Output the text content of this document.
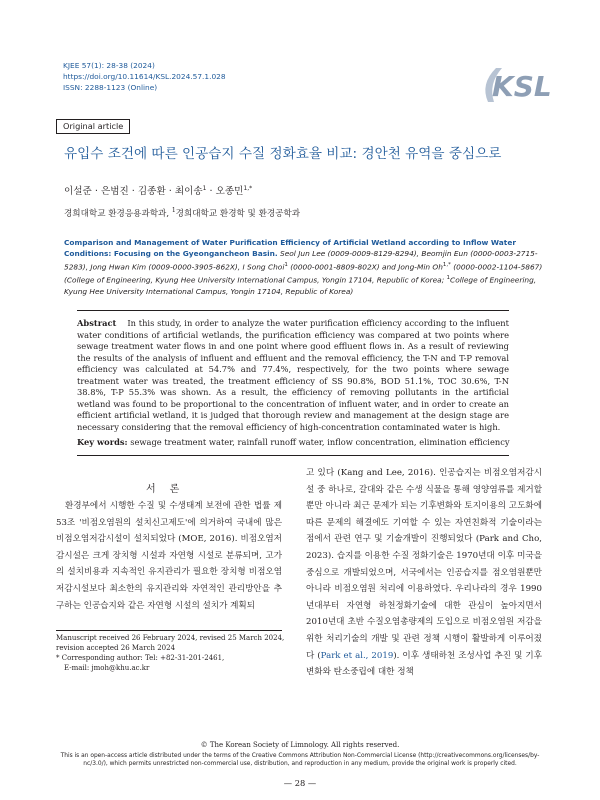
KJEE 57(1): 28-38 (2024)
https://doi.org/10.11614/KSL.2024.57.1.028
ISSN: 2288-1123 (Online)	KSL
Original article
유입수 조건에 따른 인공습지 수질 정화효율 비교: 경안천 유역을 중심으로
이설준 · 은범진 · 김종환 · 최이송$^1$ · 오종민$^{1,*}$
경희대학교 환경응용과학과, $^1$경희대학교 환경학 및 환경공학과
Comparison and Management of Water Purification Efficiency of Artificial Wetland according to Inflow Water Conditions: Focusing on the Gyeongancheon Basin. Seol Jun Lee (0009-0009-8129-8294), Beomjin Eun (0000-0003-2715-5283), Jong Hwan Kim (0009-0000-3905-862X), I Song Choi$^1$ (0000-0001-8809-802X) and Jong-Min $Oh^{1,*}$ (0000-0002-1104-5867) (College of Engineering, Kyung Hee University International Campus, Yongin 17104, Republic of Korea; $^1$College of Engineering, Kyung Hee University International Campus, Yongin 17104, Republic of Korea)
Abstract In this study, in order to analyze the water purification efficiency according to the influent water conditions of artificial wetlands, the purification efficiency was compared at two points where sewage treatment water flows in and one point where good effluent flows in. As a result of reviewing the results of the analysis of influent and effluent and the removal efficiency, the T-N and T-P removal efficiency was calculated at 54.7% and 77.4%, respectively, for the two points where sewage treatment water was treated, the treatment efficiency of SS 90.8%, BOD 51.1%, TOC 30.6%, T-N 38.8%, T-P 55.3% was shown. As a result, the efficiency of removing pollutants in the artificial wetland was found to be proportional to the concentration of influent water, and in order to create an efficient artificial wetland, it is judged that thorough review and management at the design stage are necessary considering that the removal efficiency of high-concentration contaminated water is high.
Key words: sewage treatment water, rainfall runoff water, inflow concentration, elimination efficiency
서론

환경부에서 시행한 수질 및 수생태계 보전에 관한 법률 제53조 '비점오염원의 설치신고제도'에 의거하여 국내에 많은 비점오염저감시설이 설치되었다 (MOE, 2016). 비점오염저감시설은 크게 장치형 시설과 자연형 시설로 분류되며, 고가의 설치비용과 지속적인 유지관리가 필요한 장치형 비점오염저감시설보다 최소한의 유지관리와 자연적인 관리방안을 추구하는 인공습지와 같은 자연형 시설의 설치가 계획되

고 있다 (Kang and Lee, 2016). 인공습지는 비점오염저감시설 중 하나로, 갈대와 같은 수생 식물을 통해 영양염류를 제거할 뿐만 아니라 최근 문제가 되는 기후변화와 토지이용의 고도화에 따른 문제의 해결에도 기여할 수 있는 자연친화적 기술이라는 점에서 관련 연구 및 기술개발이 진행되었다 (Park and Cho, 2023). 습지를 이용한 수질 정화기술은 1970년대 이후 미국을 중심으로 개발되었으며, 서국에서는 인공습지를 점오염원뿐만 아니라 비점오염원 처리에 이용하였다. 우리나라의 경우 1990년대부터 자연형 하천정화기술에 대한 관심이 높아지면서 2010년대 초반 수질오염총량제의 도입으로 비점오염원 저감을 위한 처리기술의 개발 및 관련 정책 시행이 활발하게 이루어졌다 (Park et al., 2019). 이후 생태하천 조성사업 추진 및 기후변화와 탄소중립에 대한 정책

Manuscript received 26 February 2024, revised 25 March 2024,
revision accepted 26 March 2024
* Corresponding author: Tel: +82-31-201-2461,
E-mail: jmoh@khu.ac.kr
© The Korean Society of Limnology. All rights reserved.
This is an open-access article distributed under the terms of the Creative Commons Attribution Non-Commercial License (http://creativecommons.org/licenses/by-nc/3.0/), which permits unrestricted non-commercial use, distribution, and reproduction in any medium, provide the original work is properly cited.
— 28 —
